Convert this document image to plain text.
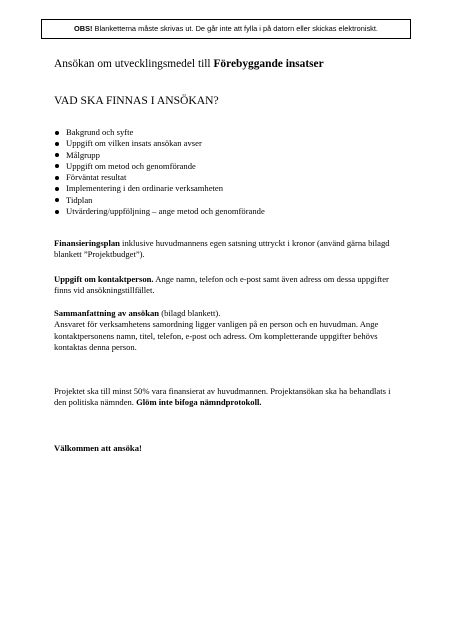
OBS! Blanketterna måste skrivas ut. De går inte att fylla i på datorn eller skickas elektroniskt.
Ansökan om utvecklingsmedel till Förebyggande insatser
VAD SKA FINNAS I ANSÖKAN?
Bakgrund och syfte
Uppgift om vilken insats ansökan avser
Målgrupp
Uppgift om metod och genomförande
Förväntat resultat
Implementering i den ordinarie verksamheten
Tidplan
Utvärdering/uppföljning – ange metod och genomförande
Finansieringsplan inklusive huvudmannens egen satsning uttryckt i kronor (använd gärna bilagd blankett ”Projektbudget”).
Uppgift om kontaktperson. Ange namn, telefon och e-post samt även adress om dessa uppgifter finns vid ansökningstillfället.
Sammanfattning av ansökan (bilagd blankett).
Ansvaret för verksamhetens samordning ligger vanligen på en person och en huvudman. Ange kontaktpersonens namn, titel, telefon, e-post och adress. Om kompletterande uppgifter behövs kontaktas denna person.
Projektet ska till minst 50% vara finansierat av huvudmannen. Projektansökan ska ha behandlats i den politiska nämnden. Glöm inte bifoga nämndprotokoll.
Välkommen att ansöka!
